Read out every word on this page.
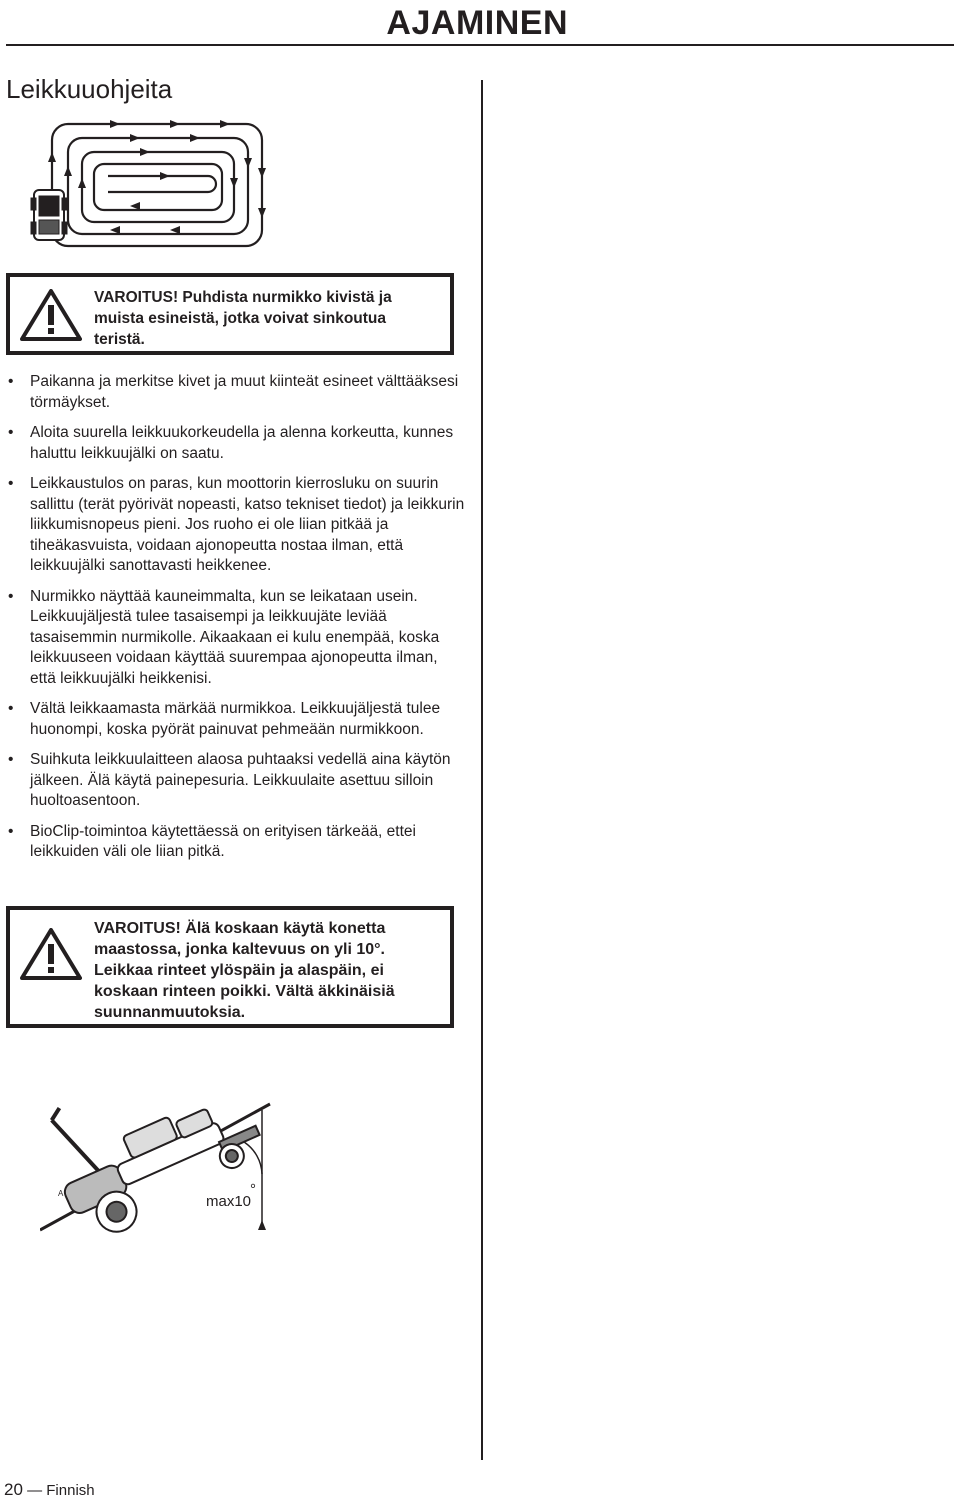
AJAMINEN
Leikkuuohjeita
VAROITUS! Puhdista nurmikko kivistä ja muista esineistä, jotka voivat sinkoutua teristä.
• Paikanna ja merkitse kivet ja muut kiinteät esineet välttääksesi törmäykset.
• Aloita suurella leikkuukorkeudella ja alenna korkeutta, kunnes haluttu leikkuujälki on saatu.
• Leikkaustulos on paras, kun moottorin kierrosluku on suurin sallittu (terät pyörivät nopeasti, katso tekniset tiedot) ja leikkurin liikkumisnopeus pieni. Jos ruoho ei ole liian pitkää ja tiheäkasvuista, voidaan ajonopeutta nostaa ilman, että leikkuujälki sanottavasti heikkenee.
• Nurmikko näyttää kauneimmalta, kun se leikataan usein. Leikkuujäljestä tulee tasaisempi ja leikkuujäte leviää tasaisemmin nurmikolle. Aikaakaan ei kulu enempää, koska leikkuuseen voidaan käyttää suurempaa ajonopeutta ilman, että leikkuujälki heikkenisi.
• Vältä leikkaamasta märkää nurmikkoa. Leikkuujäljestä tulee huonompi, koska pyörät painuvat pehmeään nurmikkoon.
• Suihkuta leikkuulaitteen alaosa puhtaaksi vedellä aina käytön jälkeen. Älä käytä painepesuria. Leikkuulaite asettuu silloin huoltoasentoon.
• BioClip-toimintoa käytettäessä on erityisen tärkeää, ettei leikkuiden väli ole liian pitkä.
VAROITUS! Älä koskaan käytä konetta maastossa, jonka kaltevuus on yli 10°. Leikkaa rinteet ylöspäin ja alaspäin, ei koskaan rinteen poikki. Vältä äkkinäisiä suunnanmuutoksia.
max10
°
A
20 — Finnish
